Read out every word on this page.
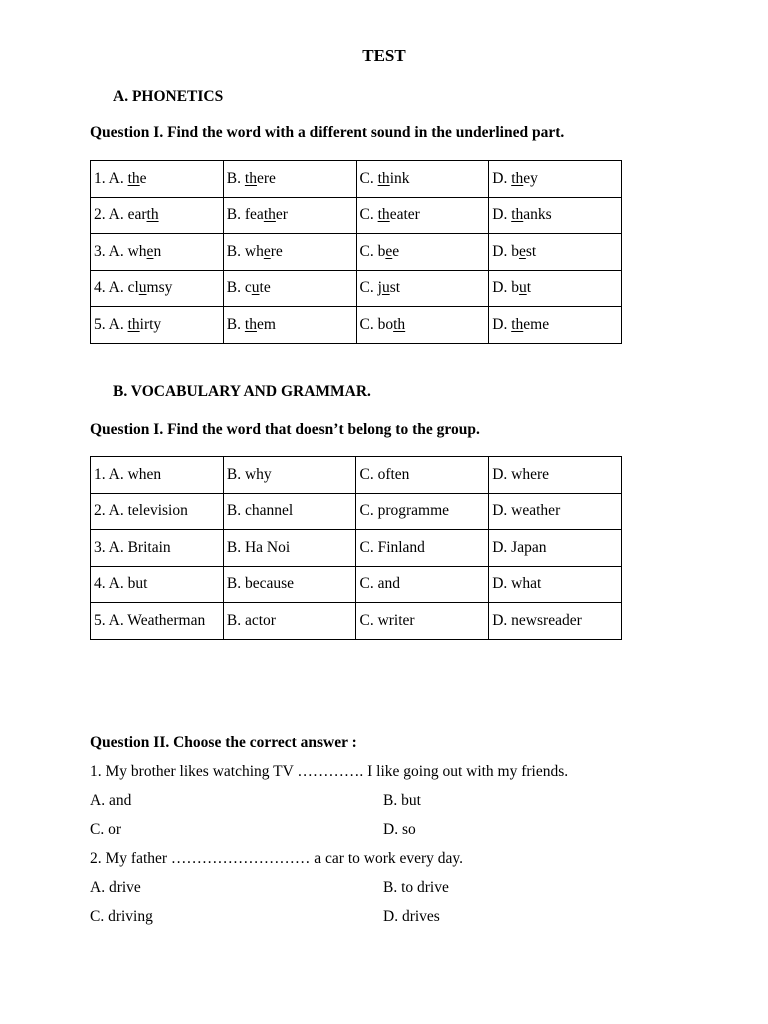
TEST
A. PHONETICS
Question I. Find the word with a different sound in the underlined part.
1. A. the	B. there	C. think	D. they
2. A. earth	B. feather	C. theater	D. thanks
3. A. when	B. where	C. bee	D. best
4. A. clumsy	B. cute	C. just	D. but
5. A. thirty	B. them	C. both	D. theme
B. VOCABULARY AND GRAMMAR.
Question I. Find the word that doesn’t belong to the group.
1. A. when	B. why	C. often	D. where
2. A. television	B. channel	C. programme	D. weather
3. A. Britain	B. Ha Noi	C. Finland	D. Japan
4. A. but	B. because	C. and	D. what
5. A. Weatherman	B. actor	C. writer	D. newsreader
Question II. Choose the correct answer :
1. My brother likes watching TV …………. I like going out with my friends.
A. and	B. but
C. or	D. so
2. My father ……………………… a car to work every day.
A. drive	B. to drive
C. driving	D. drives
